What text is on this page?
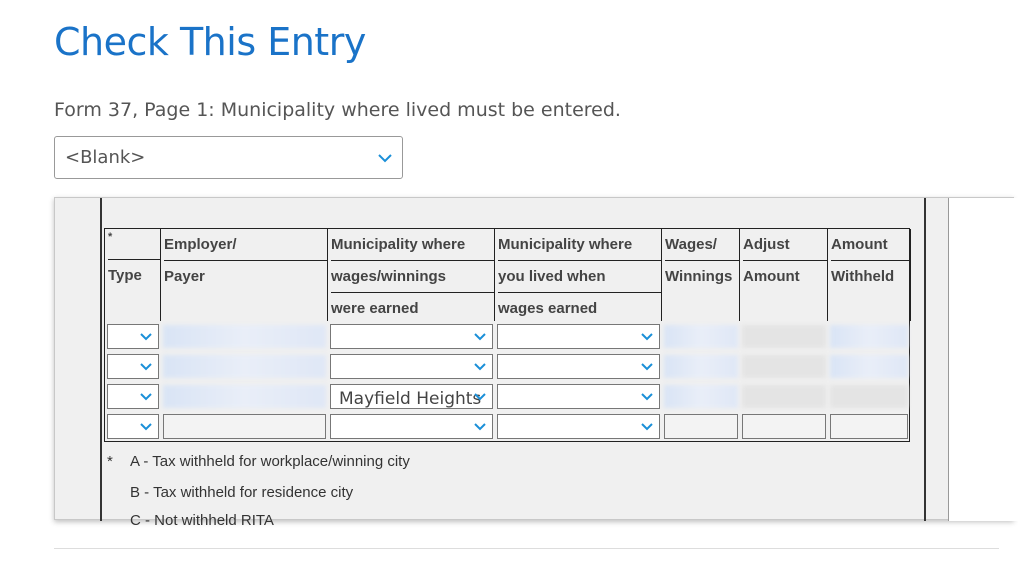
Check This Entry
Form 37, Page 1: Municipality where lived must be entered.
<Blank>
*
Type
Employer/
Payer
Municipality where
wages/winnings
were earned
Municipality where
you lived when
wages earned
Wages/
Winnings
Adjust
Amount
Amount
Withheld
Mayfield Heights
* A - Tax withheld for workplace/winning city
B - Tax withheld for residence city
C - Not withheld RITA
